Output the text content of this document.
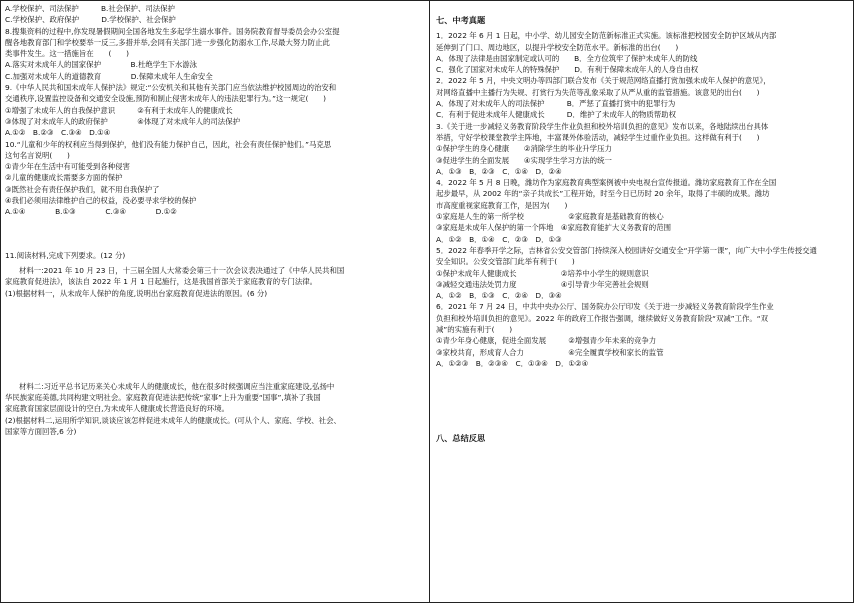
A.学校保护、司法保护　　　B.社会保护、司法保护
C.学校保护、政府保护　　　D.学校保护、社会保护
8.搜集资料的过程中,你发现暑假期间全国各地发生多起学生溺水事件。国务院教育督导委员会办公室提
醒各地教育部门和学校要举一反三,多措并举,会同有关部门进一步强化防溺水工作,尽最大努力防止此
类事件发生。这一措施旨在　　(　　)
A.落实对未成年人的国家保护　　　　B.杜绝学生下水游泳
C.加强对未成年人的道德教育　　　　D.保障未成年人生命安全
9.《中华人民共和国未成年人保护法》规定:“公安机关和其他有关部门应当依法维护校园周边的治安和
交通秩序,设置监控设备和交通安全设施,预防和制止侵害未成年人的违法犯罪行为。”这一规定(　　)
①增强了未成年人的自我保护意识　　　②有利于未成年人的健康成长
③体现了对未成年人的政府保护　　　　④体现了对未成年人的司法保护
A.①②　B.②③　C.③④　D.①④
10.“儿童和少年的权利应当得到保护，他们没有能力保护自己，因此，社会有责任保护他们。”马克思
这句名言说明(　　)
①青少年在生活中有可能受到各种侵害
②儿童的健康成长需要多方面的保护
③既然社会有责任保护我们，就不用自我保护了
④我们必须用法律维护自己的权益，没必要寻求学校的保护
A.①④　　　　B.①③　　　　C.③④　　　　D.①②
11.阅读材料,完成下列要求。(12 分)
材料一:2021 年 10 月 23 日，十三届全国人大常委会第三十一次会议表决通过了《中华人民共和国
家庭教育促进法》，该法自 2022 年 1 月 1 日起施行，这是我国首部关于家庭教育的专门法律。
(1)根据材料一，从未成年人保护的角度,说明出台家庭教育促进法的原因。(6 分)
材料二:习近平总书记历来关心未成年人的健康成长，他在很多时候强调应当注重家庭建设,弘扬中
华民族家庭美德,共同构建文明社会。家庭教育促进法把传统“家事”上升为重要“国事”,填补了我国
家庭教育国家层面设计的空白,为未成年人健康成长营造良好的环境。
(2)根据材料二,运用所学知识,谈谈应该怎样促进未成年人的健康成长。(可从个人、家庭、学校、社会、
国家等方面回答,6 分)
七、中考真题
1．2022 年 6 月 1 日起，中小学、幼儿园安全防范新标准正式实施。该标准把校园安全防护区域从内部
延伸到了门口、周边地区，以提升学校安全防范水平。新标准的出台(　　)
A．体现了法律是由国家制定或认可的　　B．全方位筑牢了保护未成年人的防线
C．强化了国家对未成年人的特殊保护　　D．有利于保障未成年人的人身自由权
2．2022 年 5 月，中央文明办等四部门联合发布《关于规范网络直播打赏加强未成年人保护的意见》，
对网络直播中主播行为失规、打赏行为失范等乱象采取了从严从重的监管措施。该意见的出台(　　)
A．体现了对未成年人的司法保护　　　B．严惩了直播打赏中的犯罪行为
C．有利于促进未成年人健康成长　　　D．维护了未成年人的物质帮助权
3.《关于进一步减轻义务教育阶段学生作业负担和校外培训负担的意见》发布以来，各地陆续出台具体
举措，守好学校课堂教学主阵地，丰富课外体验活动，减轻学生过重作业负担。这样做有利于(　　)
①保护学生的身心健康　　②消除学生的毕业升学压力
③促进学生的全面发展　　④实现学生学习方法的统一
A．①③　B．②③　C．①④　D．②④
4．2022 年 5 月 8 日晚，潍坊作为家庭教育典型案例被中央电视台宣传报道。潍坊家庭教育工作在全国
起步最早，从 2002 年的“亲子共成长”工程开始，时至今日已历时 20 余年，取得了丰硕的成果。潍坊
市高度重视家庭教育工作，是因为(　　)
①家庭是人生的第一所学校　　　　　　②家庭教育是基础教育的核心
③家庭是未成年人保护的第一个阵地　④家庭教育能扩大义务教育的范围
A．①②　B．①④　C．②③　D．①③
5．2022 年春季开学之际，吉林省公安交管部门持续深入校园讲好交通安全“开学第一课”，向广大中小学生传授交通
安全知识。公安交管部门此举有利于(　　)
①保护未成年人健康成长　　　　　　②培养中小学生的规则意识
③减轻交通违法处罚力度　　　　　　④引导青少年完善社会规则
A．①②　B．①③　C．②④　D．③④
6．2021 年 7 月 24 日，中共中央办公厅、国务院办公厅印发《关于进一步减轻义务教育阶段学生作业
负担和校外培训负担的意见》。2022 年的政府工作报告强调，继续做好义务教育阶段“双减”工作。“双
减”的实施有利于(　　)
①青少年身心健康，促进全面发展　　　②增强青少年未来的竞争力
③家校共育，形成育人合力　　　　　　④完全履責学校和家长的监管
A．①②③　B．②③④　C．①③④　D．①②④
八、总结反思
